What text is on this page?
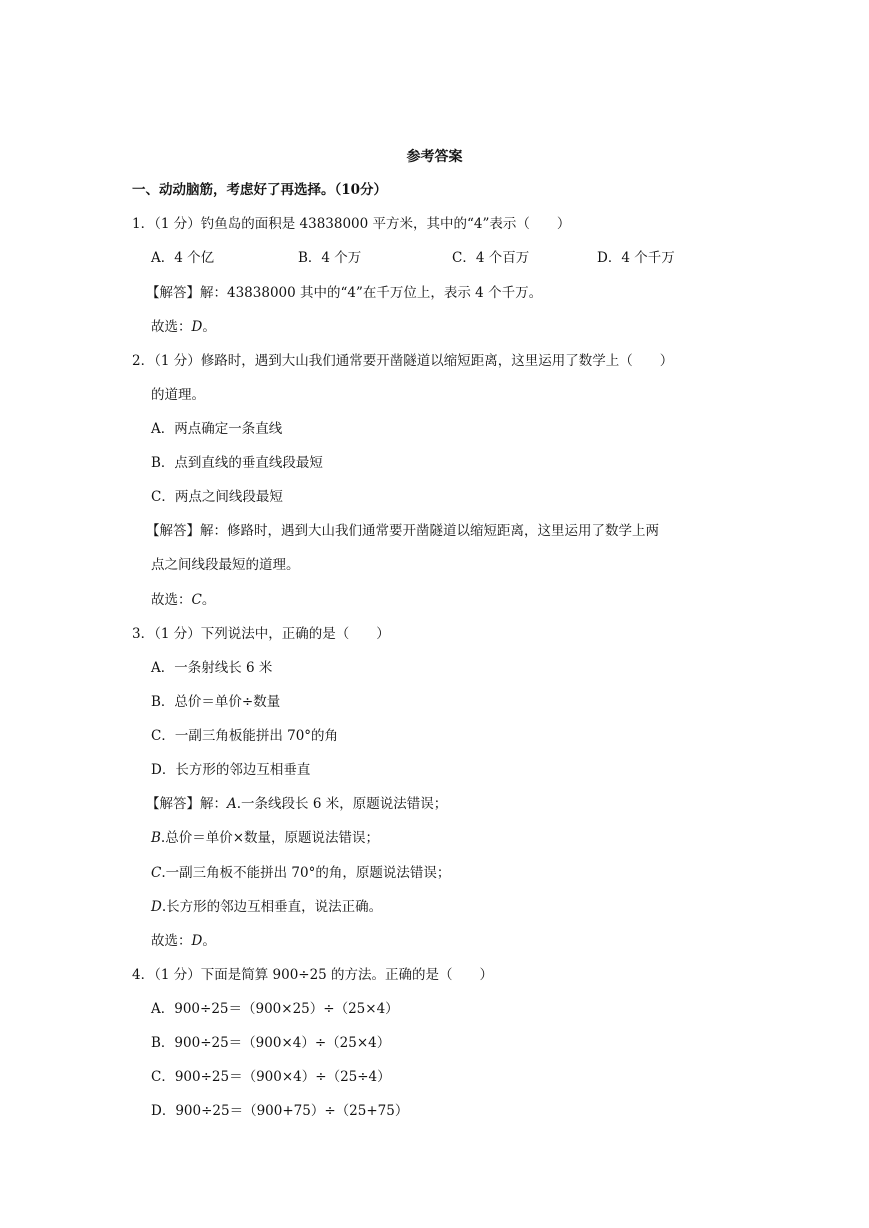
参考答案
一、动动脑筋，考虑好了再选择。（10分）
1．（1 分）钓鱼岛的面积是 43838000 平方米，其中的“4”表示（　　）
A．4 个亿	B．4 个万	C．4 个百万	D．4 个千万
【解答】解：43838000 其中的“4”在千万位上，表示 4 个千万。
故选：D。
2．（1 分）修路时，遇到大山我们通常要开凿隧道以缩短距离，这里运用了数学上（　　）
的道理。
A．两点确定一条直线
B．点到直线的垂直线段最短
C．两点之间线段最短
【解答】解：修路时，遇到大山我们通常要开凿隧道以缩短距离，这里运用了数学上两
点之间线段最短的道理。
故选：C。
3．（1 分）下列说法中，正确的是（　　）
A．一条射线长 6 米
B．总价＝单价÷数量
C．一副三角板能拼出 70°的角
D．长方形的邻边互相垂直
【解答】解：A.一条线段长 6 米，原题说法错误；
B.总价＝单价×数量，原题说法错误；
C.一副三角板不能拼出 70°的角，原题说法错误；
D.长方形的邻边互相垂直，说法正确。
故选：D。
4．（1 分）下面是简算 900÷25 的方法。正确的是（　　）
A．900÷25＝（900×25）÷（25×4）
B．900÷25＝（900×4）÷（25×4）
C．900÷25＝（900×4）÷（25÷4）
D．900÷25＝（900+75）÷（25+75）
